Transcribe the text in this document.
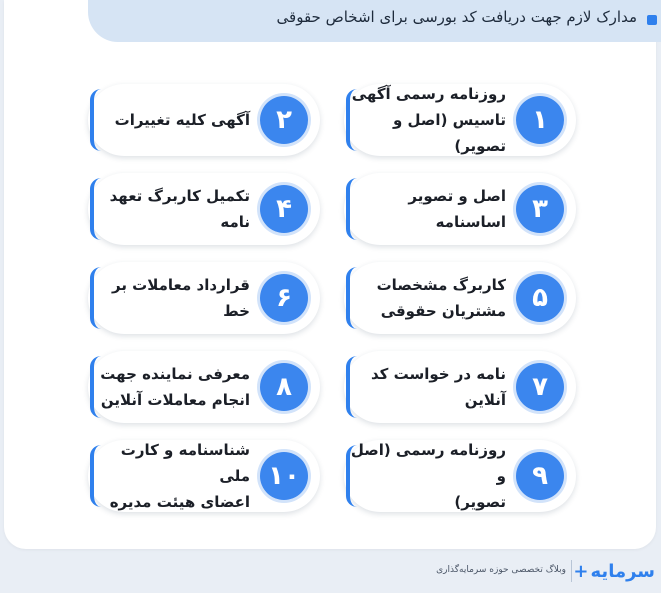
مدارک لازم جهت دریافت کد بورسی برای اشخاص حقوقی
۱
روزنامه رسمی آگهی
تاسیس (اصل و تصویر)
۲
آگهی کلیه تغییرات
۳
اصل و تصویر اساسنامه
۴
تکمیل کاربرگ تعهد نامه
۵
کاربرگ مشخصات
مشتریان حقوقی
۶
قرارداد معاملات بر خط
۷
نامه در خواست کد
آنلاین
۸
معرفی نماینده جهت
انجام معاملات آنلاین
۹
روزنامه رسمی (اصل و
تصویر)
۱۰
شناسنامه و کارت ملی
اعضای هیئت مدیره
وبلاگ تخصصی حوزه سرمایه‌گذاری سرمایه
+
